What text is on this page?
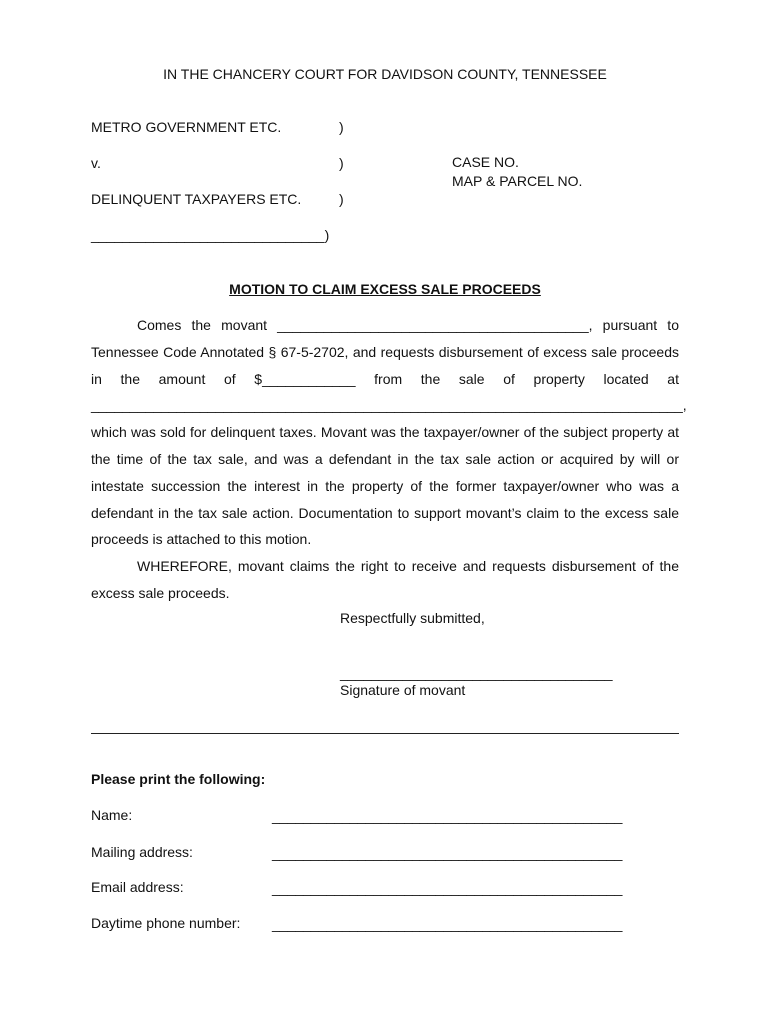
IN THE CHANCERY COURT FOR DAVIDSON COUNTY, TENNESSEE
METRO GOVERNMENT ETC.	)
v.	)	CASE NO.
MAP & PARCEL NO.
DELINQUENT TAXPAYERS ETC.	)
______________________________)
MOTION TO CLAIM EXCESS SALE PROCEEDS

Comes the movant ________________________________________, pursuant to Tennessee Code Annotated § 67-5-2702, and requests disbursement of excess sale proceeds in the amount of $____________ from the sale of property located at ____________________________________________________________________________, which was sold for delinquent taxes. Movant was the taxpayer/owner of the subject property at the time of the tax sale, and was a defendant in the tax sale action or acquired by will or intestate succession the interest in the property of the former taxpayer/owner who was a defendant in the tax sale action. Documentation to support movant’s claim to the excess sale proceeds is attached to this motion.

WHEREFORE, movant claims the right to receive and requests disbursement of the excess sale proceeds.

Respectfully submitted,
___________________________________
Signature of movant
Please print the following:
Name:	_____________________________________________
Mailing address:	_____________________________________________
Email address:	_____________________________________________
Daytime phone number: _____________________________________________
